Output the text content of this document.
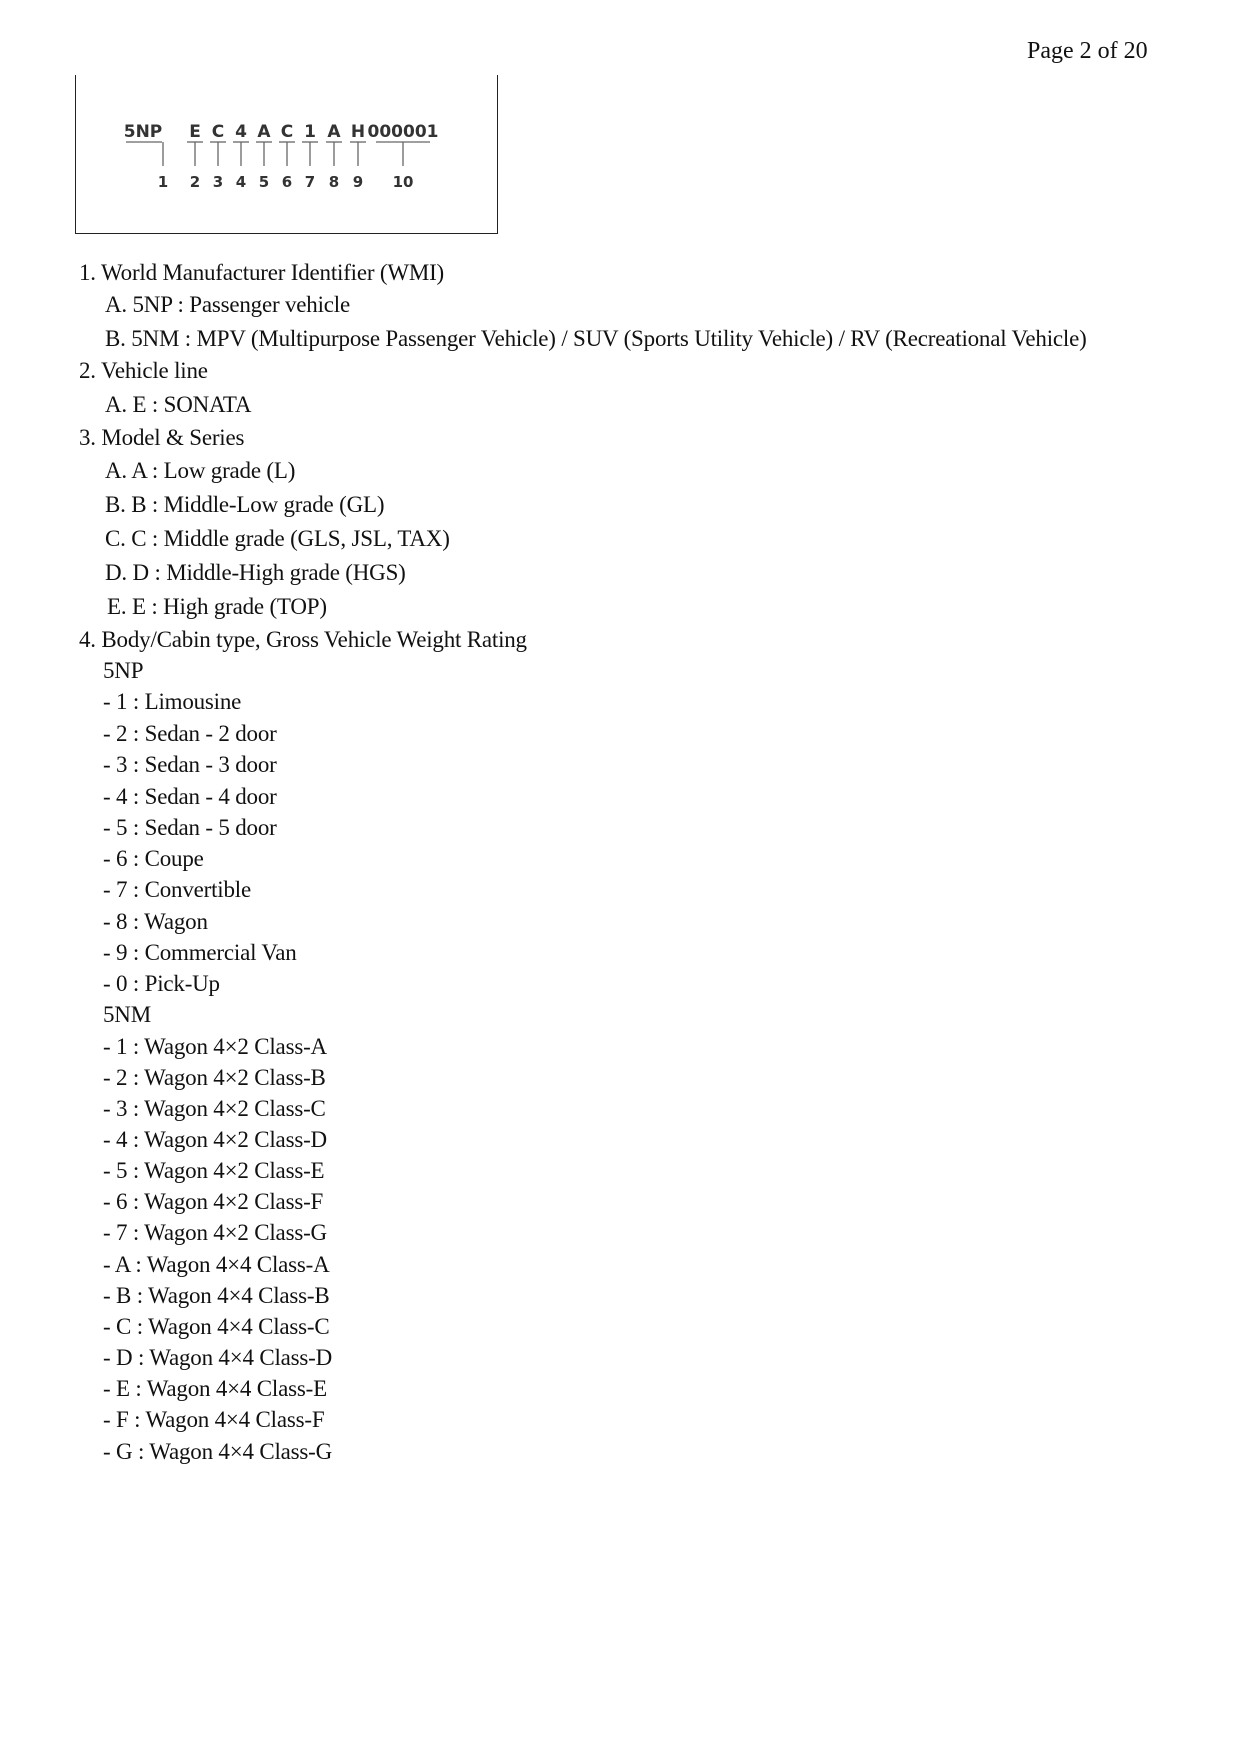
Page 2 of 20
5NP E C 4 A C 1 A H 000001
1 2 3 4 5 6 7 8 9 10
1. World Manufacturer Identifier (WMI)
A. 5NP : Passenger vehicle
B. 5NM : MPV (Multipurpose Passenger Vehicle) / SUV (Sports Utility Vehicle) / RV (Recreational Vehicle)
2. Vehicle line
A. E : SONATA
3. Model & Series
A. A : Low grade (L)
B. B : Middle-Low grade (GL)
C. C : Middle grade (GLS, JSL, TAX)
D. D : Middle-High grade (HGS)
E. E : High grade (TOP)
4. Body/Cabin type, Gross Vehicle Weight Rating
5NP
- 1 : Limousine
- 2 : Sedan - 2 door
- 3 : Sedan - 3 door
- 4 : Sedan - 4 door
- 5 : Sedan - 5 door
- 6 : Coupe
- 7 : Convertible
- 8 : Wagon
- 9 : Commercial Van
- 0 : Pick-Up
5NM
- 1 : Wagon 4×2 Class-A
- 2 : Wagon 4×2 Class-B
- 3 : Wagon 4×2 Class-C
- 4 : Wagon 4×2 Class-D
- 5 : Wagon 4×2 Class-E
- 6 : Wagon 4×2 Class-F
- 7 : Wagon 4×2 Class-G
- A : Wagon 4×4 Class-A
- B : Wagon 4×4 Class-B
- C : Wagon 4×4 Class-C
- D : Wagon 4×4 Class-D
- E : Wagon 4×4 Class-E
- F : Wagon 4×4 Class-F
- G : Wagon 4×4 Class-G
